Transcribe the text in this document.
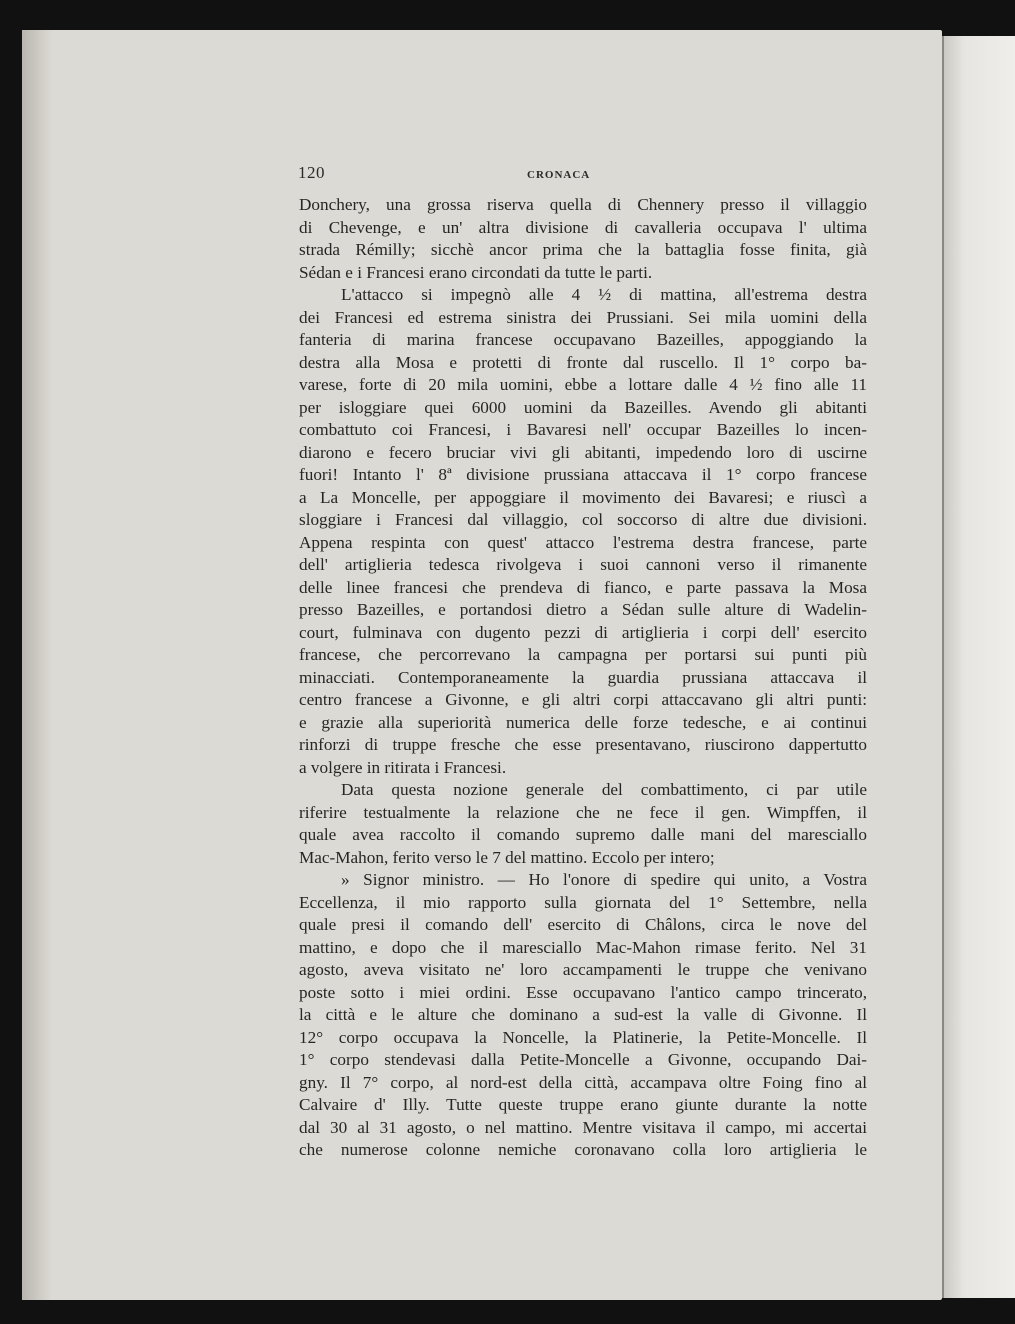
120	CRONACA
Donchery, una grossa riserva quella di Chennery presso il villaggio
di Chevenge, e un' altra divisione di cavalleria occupava l' ultima
strada Rémilly; sicchè ancor prima che la battaglia fosse finita, già
Sédan e i Francesi erano circondati da tutte le parti.
L'attacco si impegnò alle 4 ½ di mattina, all'estrema destra
dei Francesi ed estrema sinistra dei Prussiani. Sei mila uomini della
fanteria di marina francese occupavano Bazeilles, appoggiando la
destra alla Mosa e protetti di fronte dal ruscello. Il 1° corpo ba-
varese, forte di 20 mila uomini, ebbe a lottare dalle 4 ½ fino alle 11
per isloggiare quei 6000 uomini da Bazeilles. Avendo gli abitanti
combattuto coi Francesi, i Bavaresi nell' occupar Bazeilles lo incen-
diarono e fecero bruciar vivi gli abitanti, impedendo loro di uscirne
fuori! Intanto l' 8ª divisione prussiana attaccava il 1° corpo francese
a La Moncelle, per appoggiare il movimento dei Bavaresi; e riuscì a
sloggiare i Francesi dal villaggio, col soccorso di altre due divisioni.
Appena respinta con quest' attacco l'estrema destra francese, parte
dell' artiglieria tedesca rivolgeva i suoi cannoni verso il rimanente
delle linee francesi che prendeva di fianco, e parte passava la Mosa
presso Bazeilles, e portandosi dietro a Sédan sulle alture di Wadelin-
court, fulminava con dugento pezzi di artiglieria i corpi dell' esercito
francese, che percorrevano la campagna per portarsi sui punti più
minacciati. Contemporaneamente la guardia prussiana attaccava il
centro francese a Givonne, e gli altri corpi attaccavano gli altri punti:
e grazie alla superiorità numerica delle forze tedesche, e ai continui
rinforzi di truppe fresche che esse presentavano, riuscirono dappertutto
a volgere in ritirata i Francesi.
Data questa nozione generale del combattimento, ci par utile
riferire testualmente la relazione che ne fece il gen. Wimpffen, il
quale avea raccolto il comando supremo dalle mani del maresciallo
Mac-Mahon, ferito verso le 7 del mattino. Eccolo per intero;
» Signor ministro. — Ho l'onore di spedire qui unito, a Vostra
Eccellenza, il mio rapporto sulla giornata del 1° Settembre, nella
quale presi il comando dell' esercito di Châlons, circa le nove del
mattino, e dopo che il maresciallo Mac-Mahon rimase ferito. Nel 31
agosto, aveva visitato ne' loro accampamenti le truppe che venivano
poste sotto i miei ordini. Esse occupavano l'antico campo trincerato,
la città e le alture che dominano a sud-est la valle di Givonne. Il
12° corpo occupava la Noncelle, la Platinerie, la Petite-Moncelle. Il
1° corpo stendevasi dalla Petite-Moncelle a Givonne, occupando Dai-
gny. Il 7° corpo, al nord-est della città, accampava oltre Foing fino al
Calvaire d' Illy. Tutte queste truppe erano giunte durante la notte
dal 30 al 31 agosto, o nel mattino. Mentre visitava il campo, mi accertai
che numerose colonne nemiche coronavano colla loro artiglieria le
